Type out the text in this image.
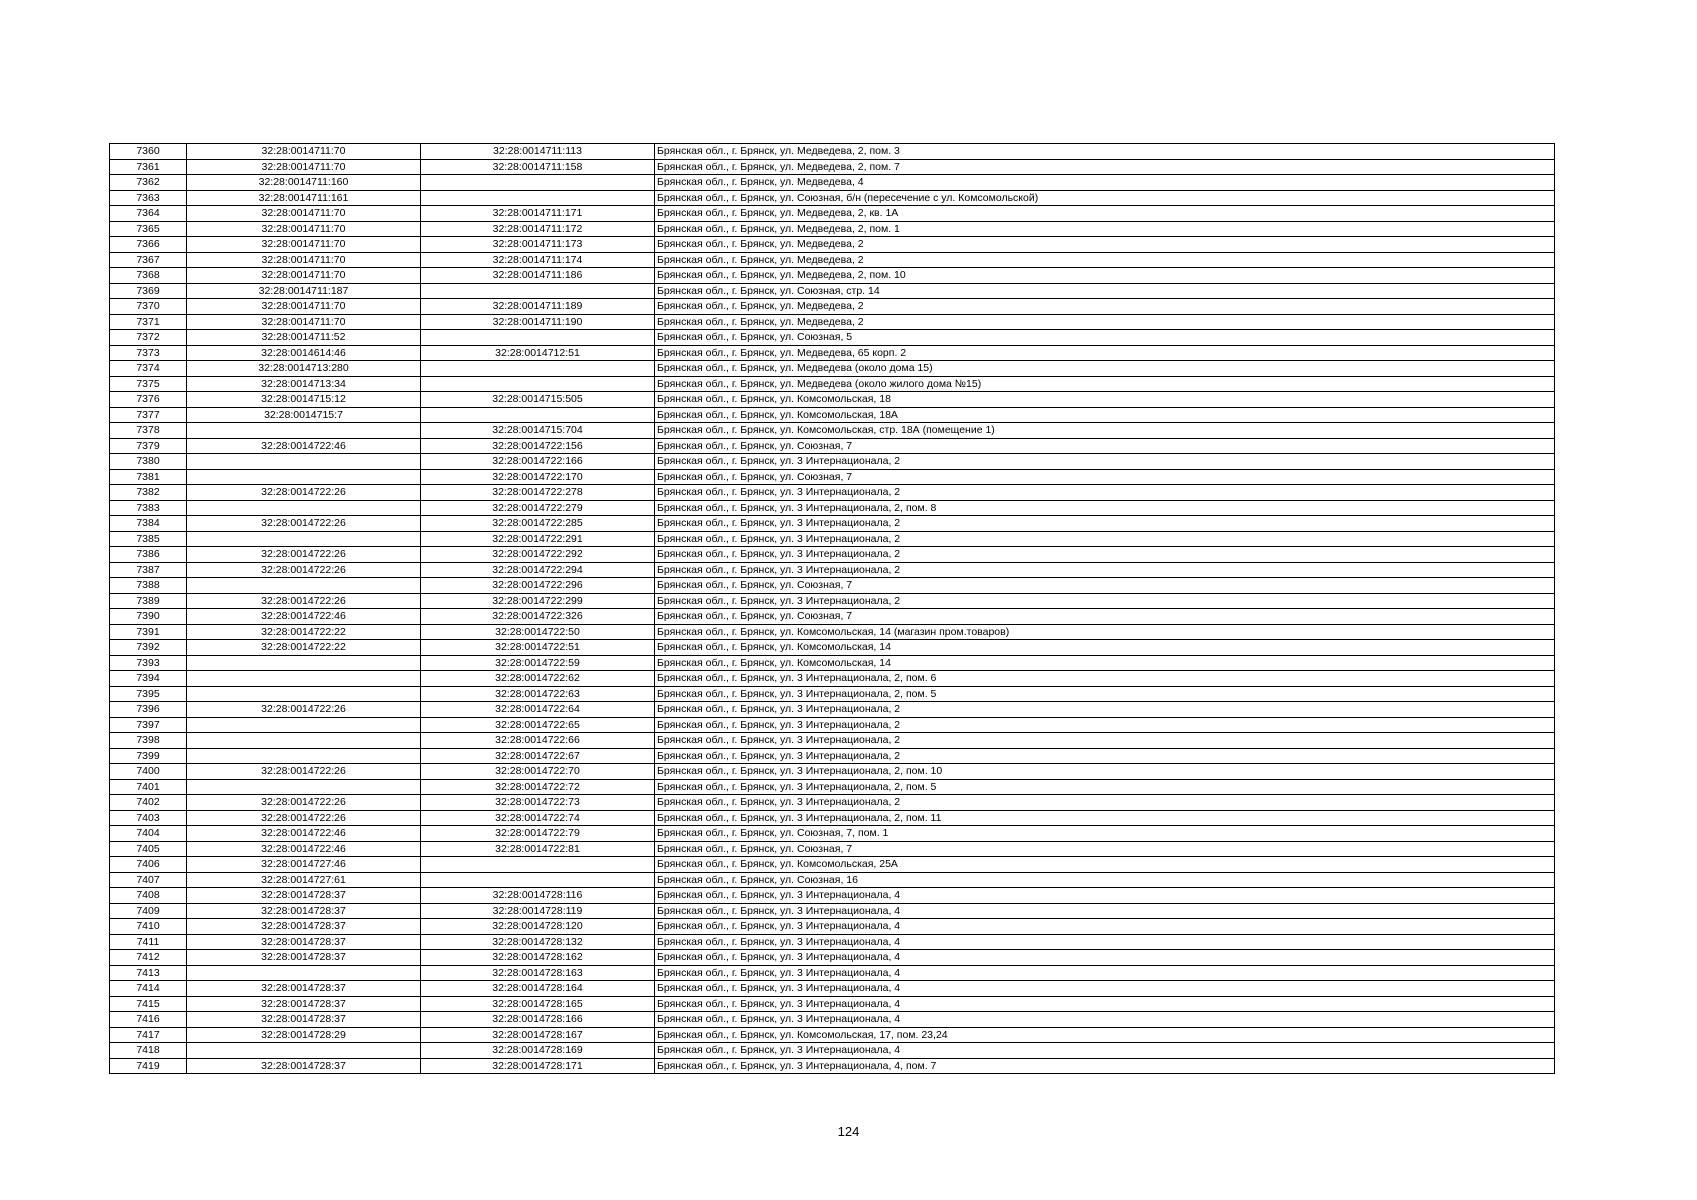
7360	32:28:0014711:70	32:28:0014711:113	Брянская обл., г. Брянск, ул. Медведева, 2, пом. 3
7361	32:28:0014711:70	32:28:0014711:158	Брянская обл., г. Брянск, ул. Медведева, 2, пом. 7
7362	32:28:0014711:160		Брянская обл., г. Брянск, ул. Медведева, 4
7363	32:28:0014711:161		Брянская обл., г. Брянск, ул. Союзная, б/н (пересечение с ул. Комсомольской)
7364	32:28:0014711:70	32:28:0014711:171	Брянская обл., г. Брянск, ул. Медведева, 2, кв. 1А
7365	32:28:0014711:70	32:28:0014711:172	Брянская обл., г. Брянск, ул. Медведева, 2, пом. 1
7366	32:28:0014711:70	32:28:0014711:173	Брянская обл., г. Брянск, ул. Медведева, 2
7367	32:28:0014711:70	32:28:0014711:174	Брянская обл., г. Брянск, ул. Медведева, 2
7368	32:28:0014711:70	32:28:0014711:186	Брянская обл., г. Брянск, ул. Медведева, 2, пом. 10
7369	32:28:0014711:187		Брянская обл., г. Брянск, ул. Союзная, стр. 14
7370	32:28:0014711:70	32:28:0014711:189	Брянская обл., г. Брянск, ул. Медведева, 2
7371	32:28:0014711:70	32:28:0014711:190	Брянская обл., г. Брянск, ул. Медведева, 2
7372	32:28:0014711:52		Брянская обл., г. Брянск, ул. Союзная, 5
7373	32:28:0014614:46	32:28:0014712:51	Брянская обл., г. Брянск, ул. Медведева, 65 корп. 2
7374	32:28:0014713:280		Брянская обл., г. Брянск, ул. Медведева (около дома 15)
7375	32:28:0014713:34		Брянская обл., г. Брянск, ул. Медведева (около жилого дома №15)
7376	32:28:0014715:12	32:28:0014715:505	Брянская обл., г. Брянск, ул. Комсомольская, 18
7377	32:28:0014715:7		Брянская обл., г. Брянск, ул. Комсомольская, 18А
7378		32:28:0014715:704	Брянская обл., г. Брянск, ул. Комсомольская, стр. 18А (помещение 1)
7379	32:28:0014722:46	32:28:0014722:156	Брянская обл., г. Брянск, ул. Союзная, 7
7380		32:28:0014722:166	Брянская обл., г. Брянск, ул. 3 Интернационала, 2
7381		32:28:0014722:170	Брянская обл., г. Брянск, ул. Союзная, 7
7382	32:28:0014722:26	32:28:0014722:278	Брянская обл., г. Брянск, ул. 3 Интернационала, 2
7383		32:28:0014722:279	Брянская обл., г. Брянск, ул. 3 Интернационала, 2, пом. 8
7384	32:28:0014722:26	32:28:0014722:285	Брянская обл., г. Брянск, ул. 3 Интернационала, 2
7385		32:28:0014722:291	Брянская обл., г. Брянск, ул. 3 Интернационала, 2
7386	32:28:0014722:26	32:28:0014722:292	Брянская обл., г. Брянск, ул. 3 Интернационала, 2
7387	32:28:0014722:26	32:28:0014722:294	Брянская обл., г. Брянск, ул. 3 Интернационала, 2
7388		32:28:0014722:296	Брянская обл., г. Брянск, ул. Союзная, 7
7389	32:28:0014722:26	32:28:0014722:299	Брянская обл., г. Брянск, ул. 3 Интернационала, 2
7390	32:28:0014722:46	32:28:0014722:326	Брянская обл., г. Брянск, ул. Союзная, 7
7391	32:28:0014722:22	32:28:0014722:50	Брянская обл., г. Брянск, ул. Комсомольская, 14 (магазин пром.товаров)
7392	32:28:0014722:22	32:28:0014722:51	Брянская обл., г. Брянск, ул. Комсомольская, 14
7393		32:28:0014722:59	Брянская обл., г. Брянск, ул. Комсомольская, 14
7394		32:28:0014722:62	Брянская обл., г. Брянск, ул. 3 Интернационала, 2, пом. 6
7395		32:28:0014722:63	Брянская обл., г. Брянск, ул. 3 Интернационала, 2, пом. 5
7396	32:28:0014722:26	32:28:0014722:64	Брянская обл., г. Брянск, ул. 3 Интернационала, 2
7397		32:28:0014722:65	Брянская обл., г. Брянск, ул. 3 Интернационала, 2
7398		32:28:0014722:66	Брянская обл., г. Брянск, ул. 3 Интернационала, 2
7399		32:28:0014722:67	Брянская обл., г. Брянск, ул. 3 Интернационала, 2
7400	32:28:0014722:26	32:28:0014722:70	Брянская обл., г. Брянск, ул. 3 Интернационала, 2, пом. 10
7401		32:28:0014722:72	Брянская обл., г. Брянск, ул. 3 Интернационала, 2, пом. 5
7402	32:28:0014722:26	32:28:0014722:73	Брянская обл., г. Брянск, ул. 3 Интернационала, 2
7403	32:28:0014722:26	32:28:0014722:74	Брянская обл., г. Брянск, ул. 3 Интернационала, 2, пом. 11
7404	32:28:0014722:46	32:28:0014722:79	Брянская обл., г. Брянск, ул. Союзная, 7, пом. 1
7405	32:28:0014722:46	32:28:0014722:81	Брянская обл., г. Брянск, ул. Союзная, 7
7406	32:28:0014727:46		Брянская обл., г. Брянск, ул. Комсомольская, 25А
7407	32:28:0014727:61		Брянская обл., г. Брянск, ул. Союзная, 16
7408	32:28:0014728:37	32:28:0014728:116	Брянская обл., г. Брянск, ул. 3 Интернационала, 4
7409	32:28:0014728:37	32:28:0014728:119	Брянская обл., г. Брянск, ул. 3 Интернационала, 4
7410	32:28:0014728:37	32:28:0014728:120	Брянская обл., г. Брянск, ул. 3 Интернационала, 4
7411	32:28:0014728:37	32:28:0014728:132	Брянская обл., г. Брянск, ул. 3 Интернационала, 4
7412	32:28:0014728:37	32:28:0014728:162	Брянская обл., г. Брянск, ул. 3 Интернационала, 4
7413		32:28:0014728:163	Брянская обл., г. Брянск, ул. 3 Интернационала, 4
7414	32:28:0014728:37	32:28:0014728:164	Брянская обл., г. Брянск, ул. 3 Интернационала, 4
7415	32:28:0014728:37	32:28:0014728:165	Брянская обл., г. Брянск, ул. 3 Интернационала, 4
7416	32:28:0014728:37	32:28:0014728:166	Брянская обл., г. Брянск, ул. 3 Интернационала, 4
7417	32:28:0014728:29	32:28:0014728:167	Брянская обл., г. Брянск, ул. Комсомольская, 17, пом. 23,24
7418		32:28:0014728:169	Брянская обл., г. Брянск, ул. 3 Интернационала, 4
7419	32:28:0014728:37	32:28:0014728:171	Брянская обл., г. Брянск, ул. 3 Интернационала, 4, пом. 7
124
